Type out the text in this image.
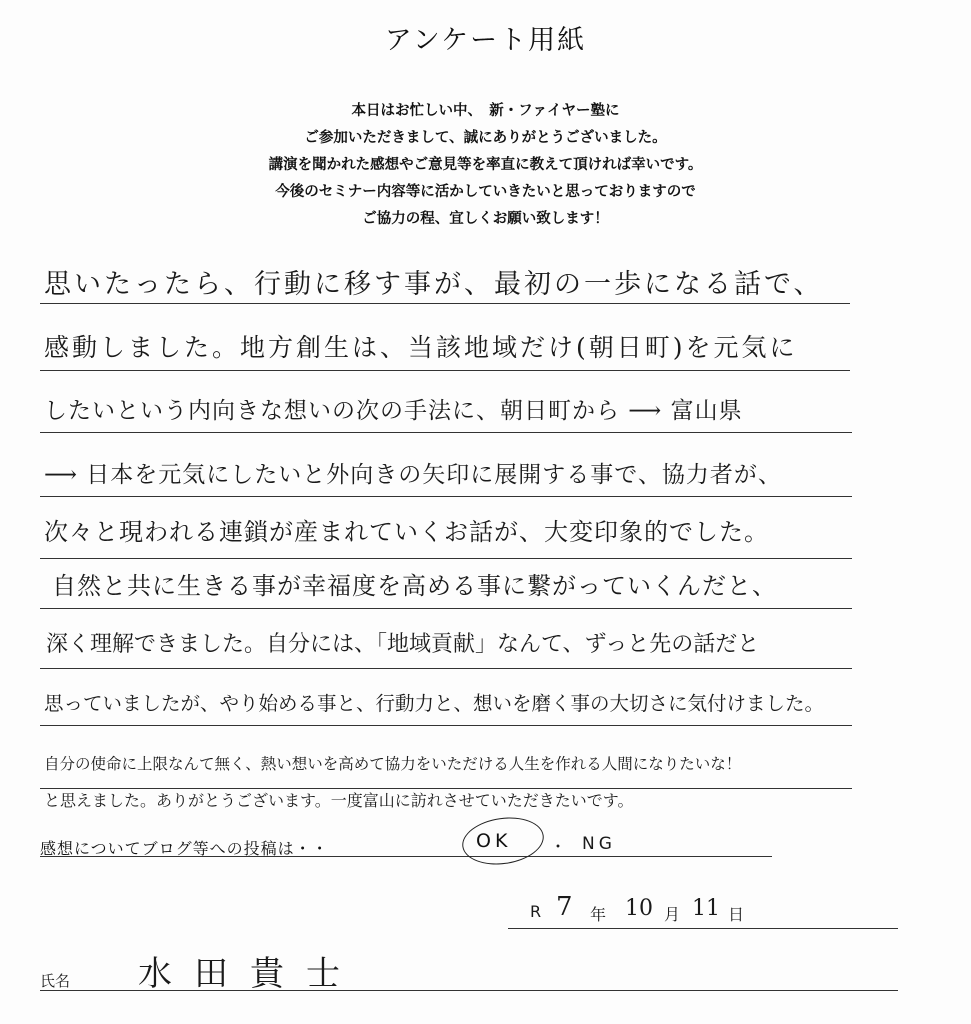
アンケート用紙
本日はお忙しい中、　新・ファイヤー塾に
ご参加いただきまして、誠にありがとうございました。
講演を聞かれた感想やご意見等を率直に教えて頂ければ幸いです。
今後のセミナー内容等に活かしていきたいと思っておりますので
ご協力の程、宜しくお願い致します！
思いたったら、行動に移す事が、最初の一歩になる話で、
感動しました。地方創生は、当該地域だけ(朝日町)を元気に
したいという内向きな想いの次の手法に、朝日町から ⟶ 富山県
⟶ 日本を元気にしたいと外向きの矢印に展開する事で、協力者が、
次々と現われる連鎖が産まれていくお話が、大変印象的でした。
自然と共に生きる事が幸福度を高める事に繋がっていくんだと、
深く理解できました。自分には、「地域貢献」なんて、ずっと先の話だと
思っていましたが、やり始める事と、行動力と、想いを磨く事の大切さに気付けました。
自分の使命に上限なんて無く、熱い想いを高めて協力をいただける人生を作れる人間になりたいな！
と思えました。ありがとうございます。一度富山に訪れさせていただきたいです。
感想についてブログ等への投稿は・・	OK ・ NG
R 7 年 10 月 11 日
氏名 水田貴士
